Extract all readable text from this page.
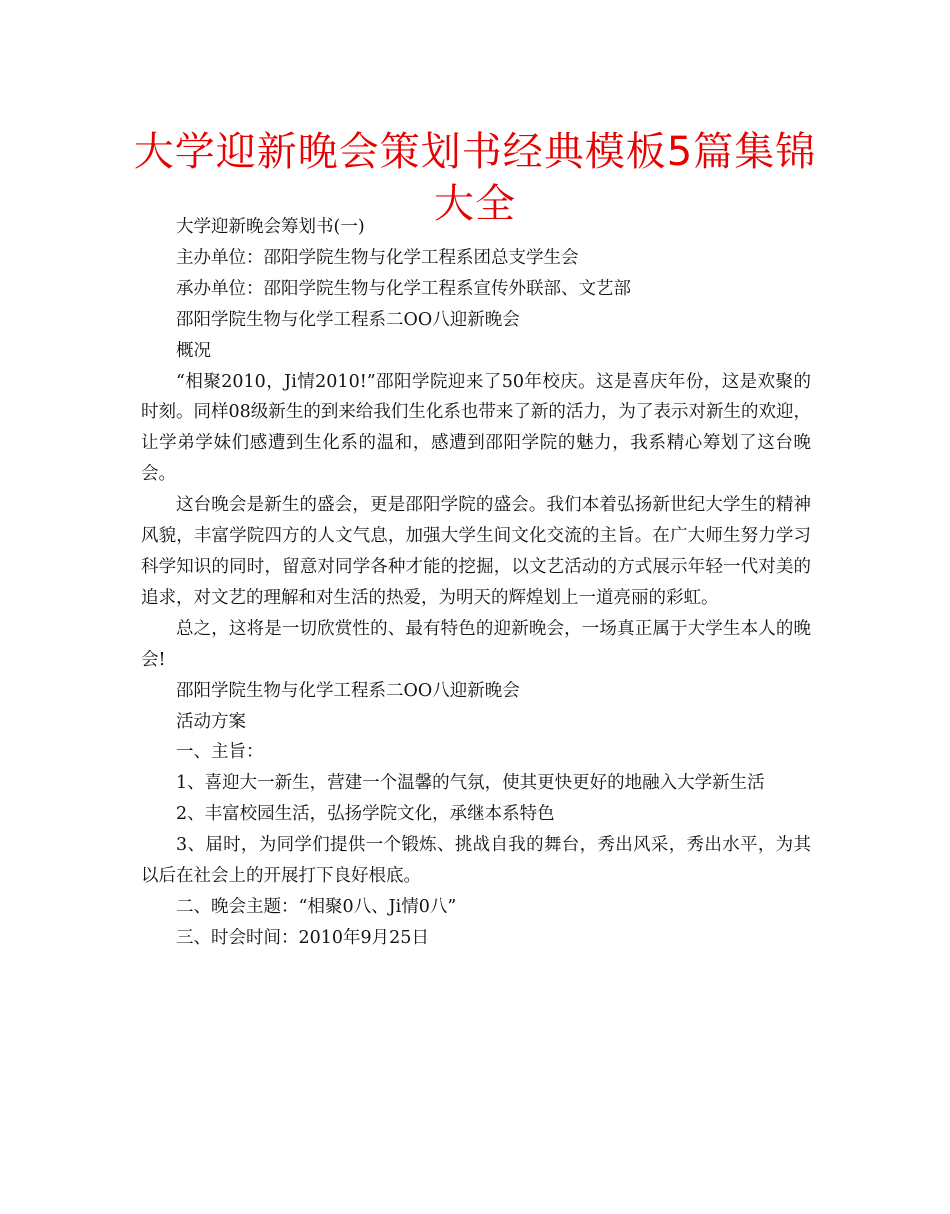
大学迎新晚会策划书经典模板5篇集锦大全

大学迎新晚会筹划书(一)

主办单位：邵阳学院生物与化学工程系团总支学生会

承办单位：邵阳学院生物与化学工程系宣传外联部、文艺部

邵阳学院生物与化学工程系二OO八迎新晚会

概况

“相聚2010，Ji情2010!”邵阳学院迎来了50年校庆。这是喜庆年份，这是欢聚的时刻。同样08级新生的到来给我们生化系也带来了新的活力，为了表示对新生的欢迎，让学弟学妹们感遭到生化系的温和，感遭到邵阳学院的魅力，我系精心筹划了这台晚会。

这台晚会是新生的盛会，更是邵阳学院的盛会。我们本着弘扬新世纪大学生的精神风貌，丰富学院四方的人文气息，加强大学生间文化交流的主旨。在广大师生努力学习科学知识的同时，留意对同学各种才能的挖掘，以文艺活动的方式展示年轻一代对美的追求，对文艺的理解和对生活的热爱，为明天的辉煌划上一道亮丽的彩虹。

总之，这将是一切欣赏性的、最有特色的迎新晚会，一场真正属于大学生本人的晚会!

邵阳学院生物与化学工程系二OO八迎新晚会

活动方案

一、主旨：

1、喜迎大一新生，营建一个温馨的气氛，使其更快更好的地融入大学新生活

2、丰富校园生活，弘扬学院文化，承继本系特色

3、届时，为同学们提供一个锻炼、挑战自我的舞台，秀出风采，秀出水平，为其以后在社会上的开展打下良好根底。

二、晚会主题：“相聚0八、Ji情0八”

三、时会时间：2010年9月25日
